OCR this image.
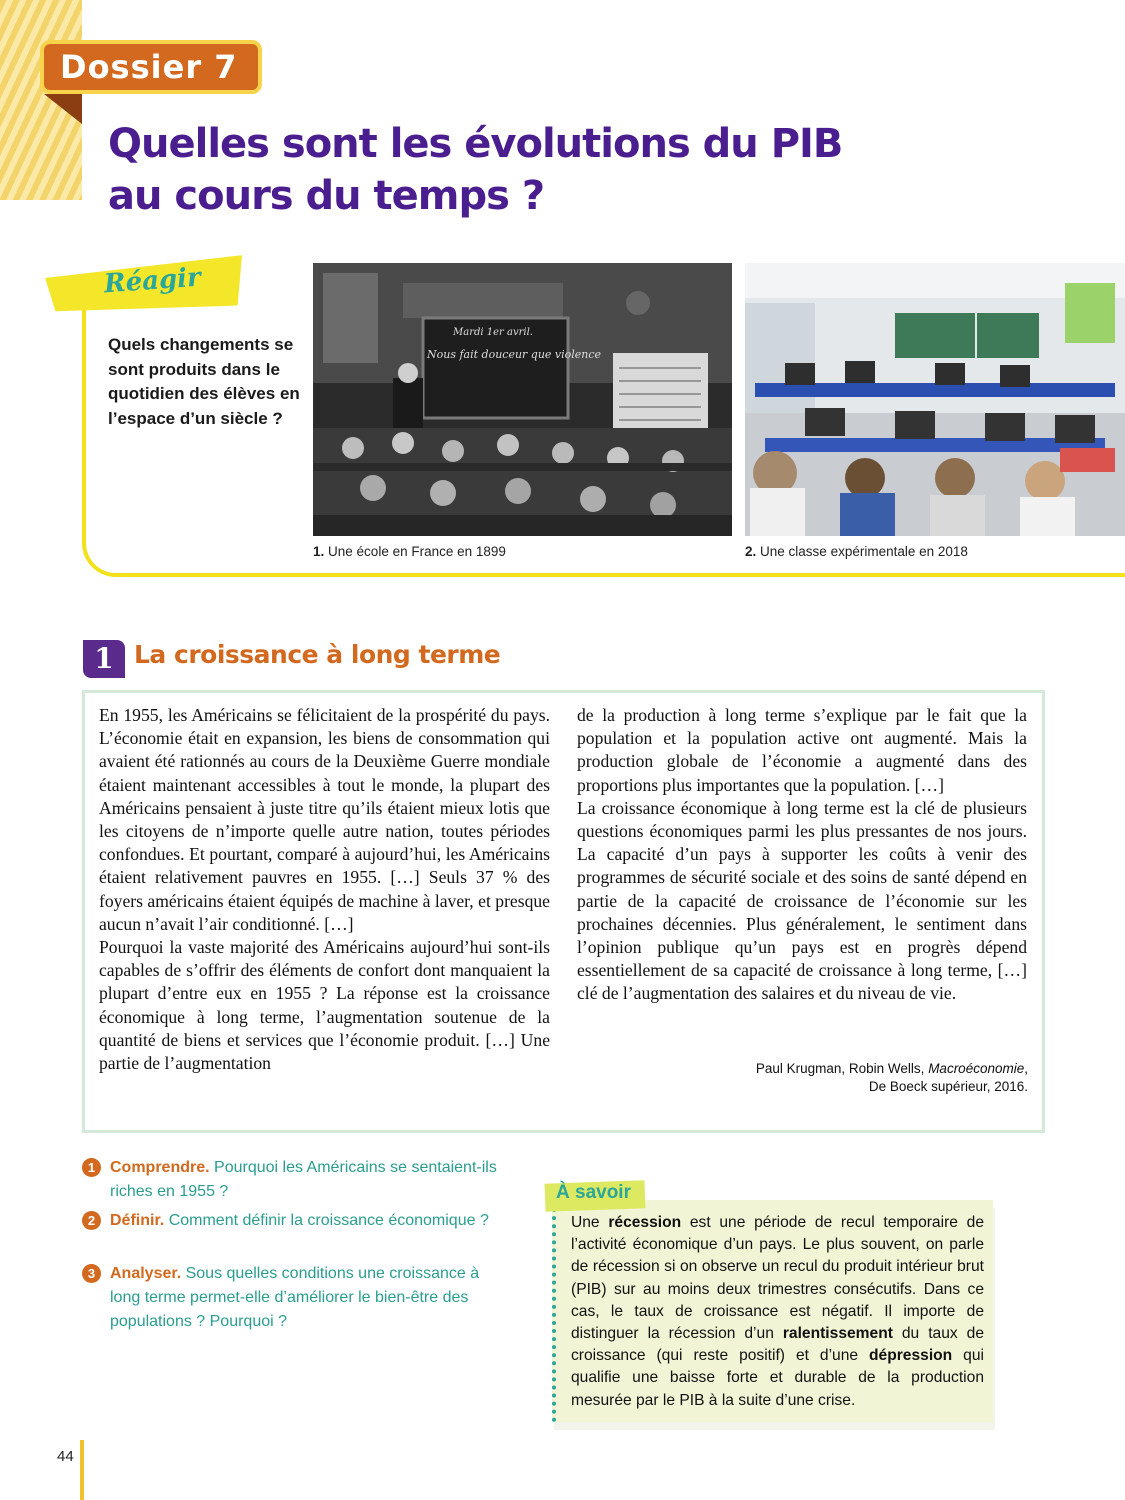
Dossier 7
Quelles sont les évolutions du PIB
au cours du temps ?
Réagir
Quels changements se sont produits dans le quotidien des élèves en l’espace d’un siècle ?
Mardi 1er avril.
Nous fait douceur que violence
1. Une école en France en 1899	2. Une classe expérimentale en 2018
1 La croissance à long terme

En 1955, les Américains se félicitaient de la prospérité du pays. L’économie était en expansion, les biens de consommation qui avaient été rationnés au cours de la Deuxième Guerre mondiale étaient maintenant accessibles à tout le monde, la plupart des Américains pensaient à juste titre qu’ils étaient mieux lotis que les citoyens de n’importe quelle autre nation, toutes périodes confondues. Et pourtant, comparé à aujourd’hui, les Américains étaient relativement pauvres en 1955. […] Seuls 37 % des foyers américains étaient équipés de machine à laver, et presque aucun n’avait l’air conditionné. […]

Pourquoi la vaste majorité des Américains aujourd’hui sont-ils capables de s’offrir des éléments de confort dont manquaient la plupart d’entre eux en 1955 ? La réponse est la croissance économique à long terme, l’augmentation soutenue de la quantité de biens et services que l’économie produit. […] Une partie de l’augmentation

de la production à long terme s’explique par le fait que la population et la population active ont augmenté. Mais la production globale de l’économie a augmenté dans des proportions plus importantes que la population. […]

La croissance économique à long terme est la clé de plusieurs questions économiques parmi les plus pressantes de nos jours. La capacité d’un pays à supporter les coûts à venir des programmes de sécurité sociale et des soins de santé dépend en partie de la capacité de croissance de l’économie sur les prochaines décennies. Plus généralement, le sentiment dans l’opinion publique qu’un pays est en progrès dépend essentiellement de sa capacité de croissance à long terme, […] clé de l’augmentation des salaires et du niveau de vie.

Paul Krugman, Robin Wells, Macroéconomie,
De Boeck supérieur, 2016.
1 Comprendre. Pourquoi les Américains se sentaient-ils riches en 1955 ?
2 Définir. Comment définir la croissance économique ?
3 Analyser. Sous quelles conditions une croissance à long terme permet-elle d’améliorer le bien-être des populations ? Pourquoi ?
À savoir
Une récession est une période de recul temporaire de l’activité économique d’un pays. Le plus souvent, on parle de récession si on observe un recul du produit intérieur brut (PIB) sur au moins deux trimestres consécutifs. Dans ce cas, le taux de croissance est négatif. Il importe de distinguer la récession d’un ralentissement du taux de croissance (qui reste positif) et d’une dépression qui qualifie une baisse forte et durable de la production mesurée par le PIB à la suite d’une crise.
44
